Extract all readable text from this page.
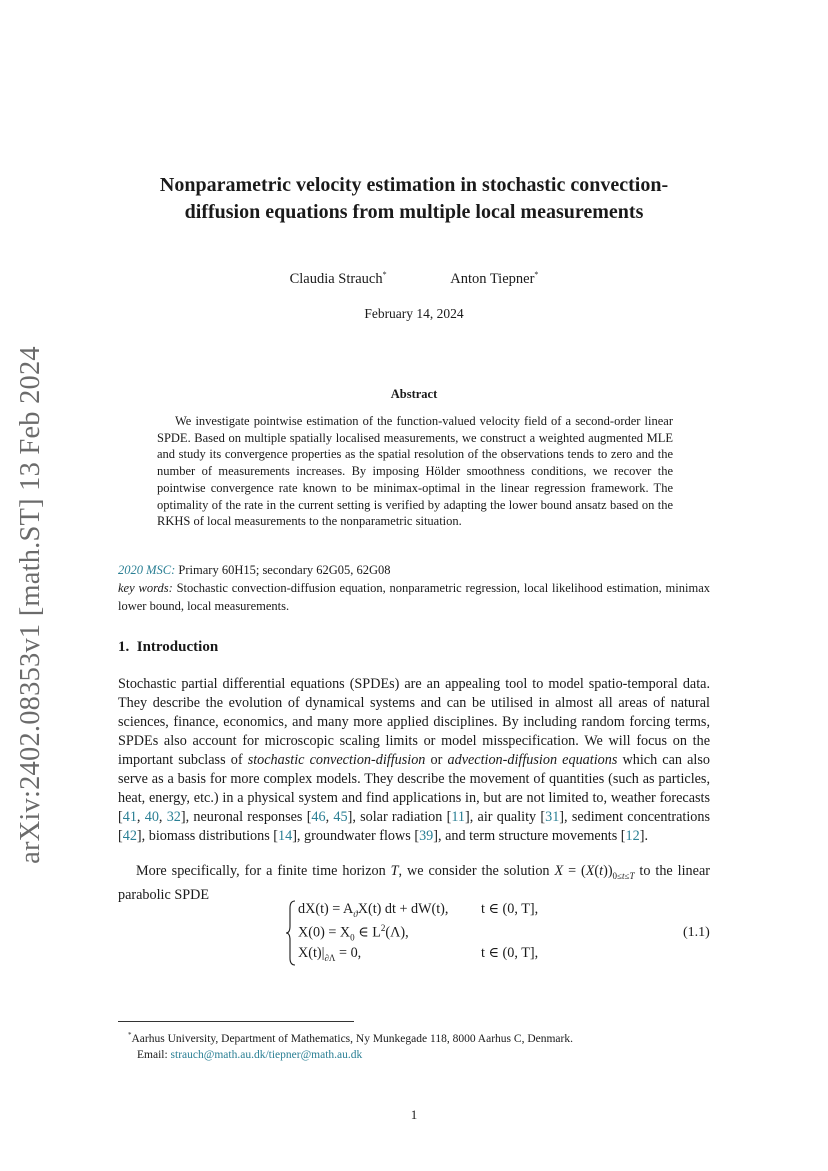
arXiv:2402.08353v1 [math.ST] 13 Feb 2024
Nonparametric velocity estimation in stochastic convection-diffusion equations from multiple local measurements
Claudia Strauch*	Anton Tiepner*
February 14, 2024
Abstract

We investigate pointwise estimation of the function-valued velocity field of a second-order linear SPDE. Based on multiple spatially localised measurements, we construct a weighted augmented MLE and study its convergence properties as the spatial resolution of the observations tends to zero and the number of measurements increases. By imposing Hölder smoothness conditions, we recover the pointwise convergence rate known to be minimax-optimal in the linear regression framework. The optimality of the rate in the current setting is verified by adapting the lower bound ansatz based on the RKHS of local measurements to the nonparametric situation.

2020 MSC: Primary 60H15; secondary 62G05, 62G08
key words: Stochastic convection-diffusion equation, nonparametric regression, local likelihood estimation, minimax lower bound, local measurements.
1. Introduction

Stochastic partial differential equations (SPDEs) are an appealing tool to model spatio-temporal data. They describe the evolution of dynamical systems and can be utilised in almost all areas of natural sciences, finance, economics, and many more applied disciplines. By including random forcing terms, SPDEs also account for microscopic scaling limits or model misspecification. We will focus on the important subclass of stochastic convection-diffusion or advection-diffusion equations which can also serve as a basis for more complex models. They describe the movement of quantities (such as particles, heat, energy, etc.) in a physical system and find applications in, but are not limited to, weather forecasts [41, 40, 32], neuronal responses [46, 45], solar radiation [11], air quality [31], sediment concentrations [42], biomass distributions [14], groundwater flows [39], and term structure movements [12].

More specifically, for a finite time horizon T, we consider the solution $X = (X(t))_{0\le t\le T}$ to the linear parabolic SPDE

$dX(t) = A_ϑX(t)$ dt + dW(t), t ∈ (0, T],
$X(0) = X_0$ ∈ $L^2(\Lambda)$,
$X(t)|_{\partial\Lambda} = 0$,	t ∈ (0, T],
(1.1)
*Aarhus University, Department of Mathematics, Ny Munkegade 118, 8000 Aarhus C, Denmark.
Email: strauch@math.au.dk/tiepner@math.au.dk
1
